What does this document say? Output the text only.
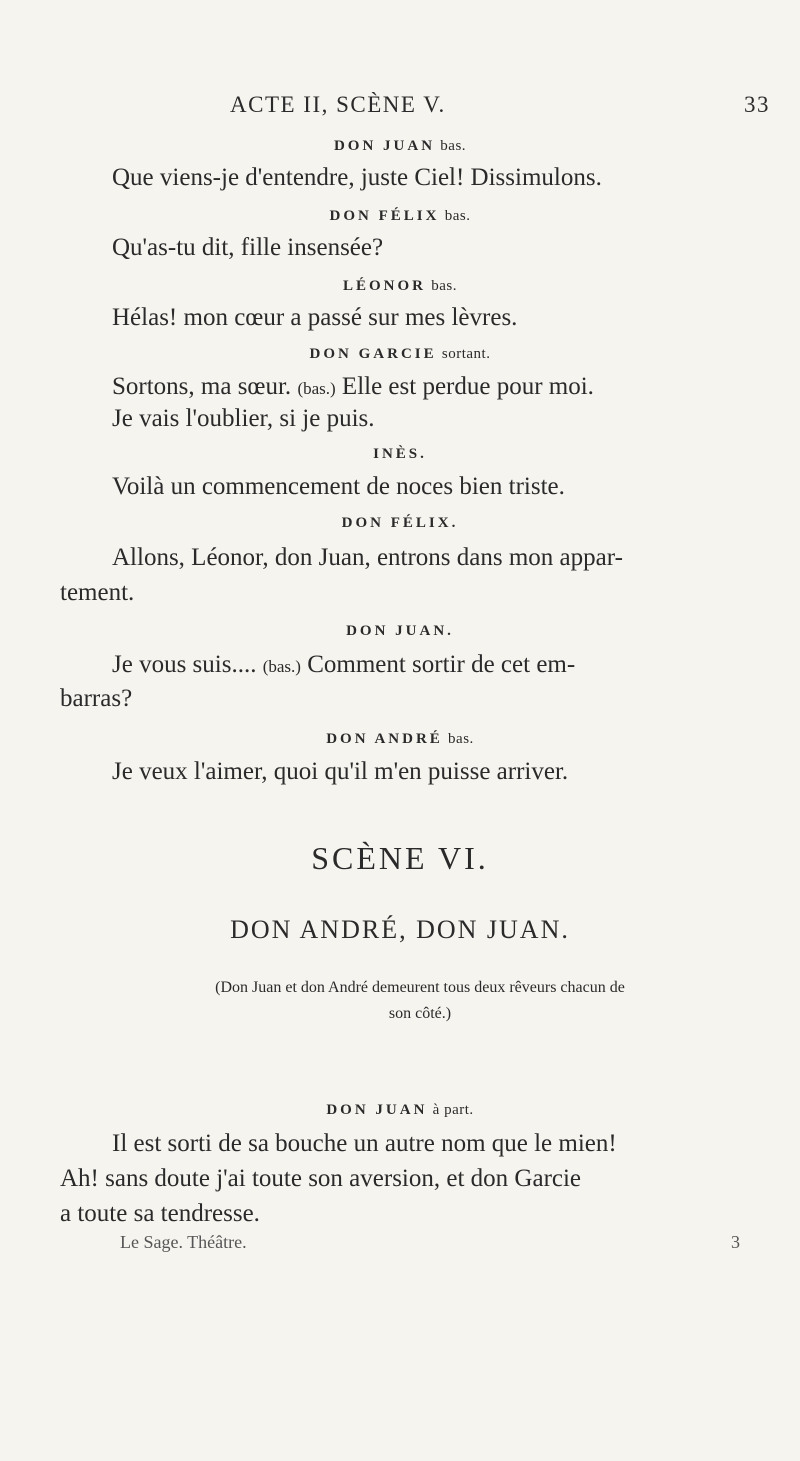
ACTE II, SCÈNE V.	33
DON JUAN bas.
Que viens-je d'entendre, juste Ciel! Dissimulons.
DON FÉLIX bas.
Qu'as-tu dit, fille insensée?
LÉONOR bas.
Hélas! mon cœur a passé sur mes lèvres.
DON GARCIE sortant.
Sortons, ma sœur. (bas.) Elle est perdue pour moi.
Je vais l'oublier, si je puis.
INÈS.
Voilà un commencement de noces bien triste.
DON FÉLIX.
Allons, Léonor, don Juan, entrons dans mon appar-
tement.
DON JUAN.
Je vous suis.... (bas.) Comment sortir de cet em-
barras?
DON ANDRÉ bas.
Je veux l'aimer, quoi qu'il m'en puisse arriver.
SCÈNE VI.
DON ANDRÉ, DON JUAN.
(Don Juan et don André demeurent tous deux rêveurs chacun de
son côté.)
DON JUAN à part.
Il est sorti de sa bouche un autre nom que le mien!
Ah! sans doute j'ai toute son aversion, et don Garcie
a toute sa tendresse.
Le Sage. Théâtre.	3
